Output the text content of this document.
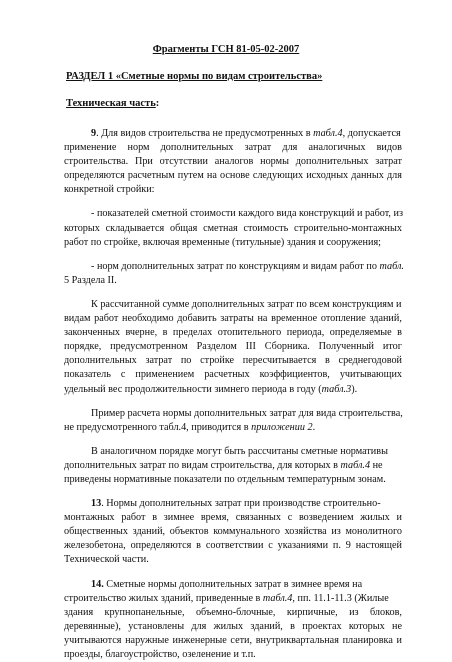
Фрагменты ГСН 81-05-02-2007
РАЗДЕЛ 1 «Сметные нормы по видам строительства»
Техническая часть:
9. Для видов строительства не предусмотренных в табл.4, допускается
применение норм дополнительных затрат для аналогичных видов
строительства. При отсутствии аналогов нормы дополнительных затрат
определяются расчетным путем на основе следующих исходных данных для
конкретной стройки:
- показателей сметной стоимости каждого вида конструкций и работ, из
которых складывается общая сметная стоимость строительно-монтажных
работ по стройке, включая временные (титульные) здания и сооружения;
- норм дополнительных затрат по конструкциям и видам работ по табл.
5 Раздела II.
К рассчитанной сумме дополнительных затрат по всем конструкциям и
видам работ необходимо добавить затраты на временное отопление зданий,
законченных вчерне, в пределах отопительного периода, определяемые в
порядке, предусмотренном Разделом III Сборника. Полученный итог
дополнительных затрат по стройке пересчитывается в среднегодовой
показатель с применением расчетных коэффициентов, учитывающих
удельный вес продолжительности зимнего периода в году (табл.3).
Пример расчета нормы дополнительных затрат для вида строительства,
не предусмотренного табл.4, приводится в приложении 2.
В аналогичном порядке могут быть рассчитаны сметные нормативы
дополнительных затрат по видам строительства, для которых в табл.4 не
приведены нормативные показатели по отдельным температурным зонам.
13. Нормы дополнительных затрат при производстве строительно-
монтажных работ в зимнее время, связанных с возведением жилых и
общественных зданий, объектов коммунального хозяйства из монолитного
железобетона, определяются в соответствии с указаниями п. 9 настоящей
Технической части.
14. Сметные нормы дополнительных затрат в зимнее время на
строительство жилых зданий, приведенные в табл.4, пп. 11.1-11.3 (Жилые
здания крупнопанельные, объемно-блочные, кирпичные, из блоков,
деревянные), установлены для жилых зданий, в проектах которых не
учитываются наружные инженерные сети, внутриквартальная планировка и
проезды, благоустройство, озеленение и т.п.
